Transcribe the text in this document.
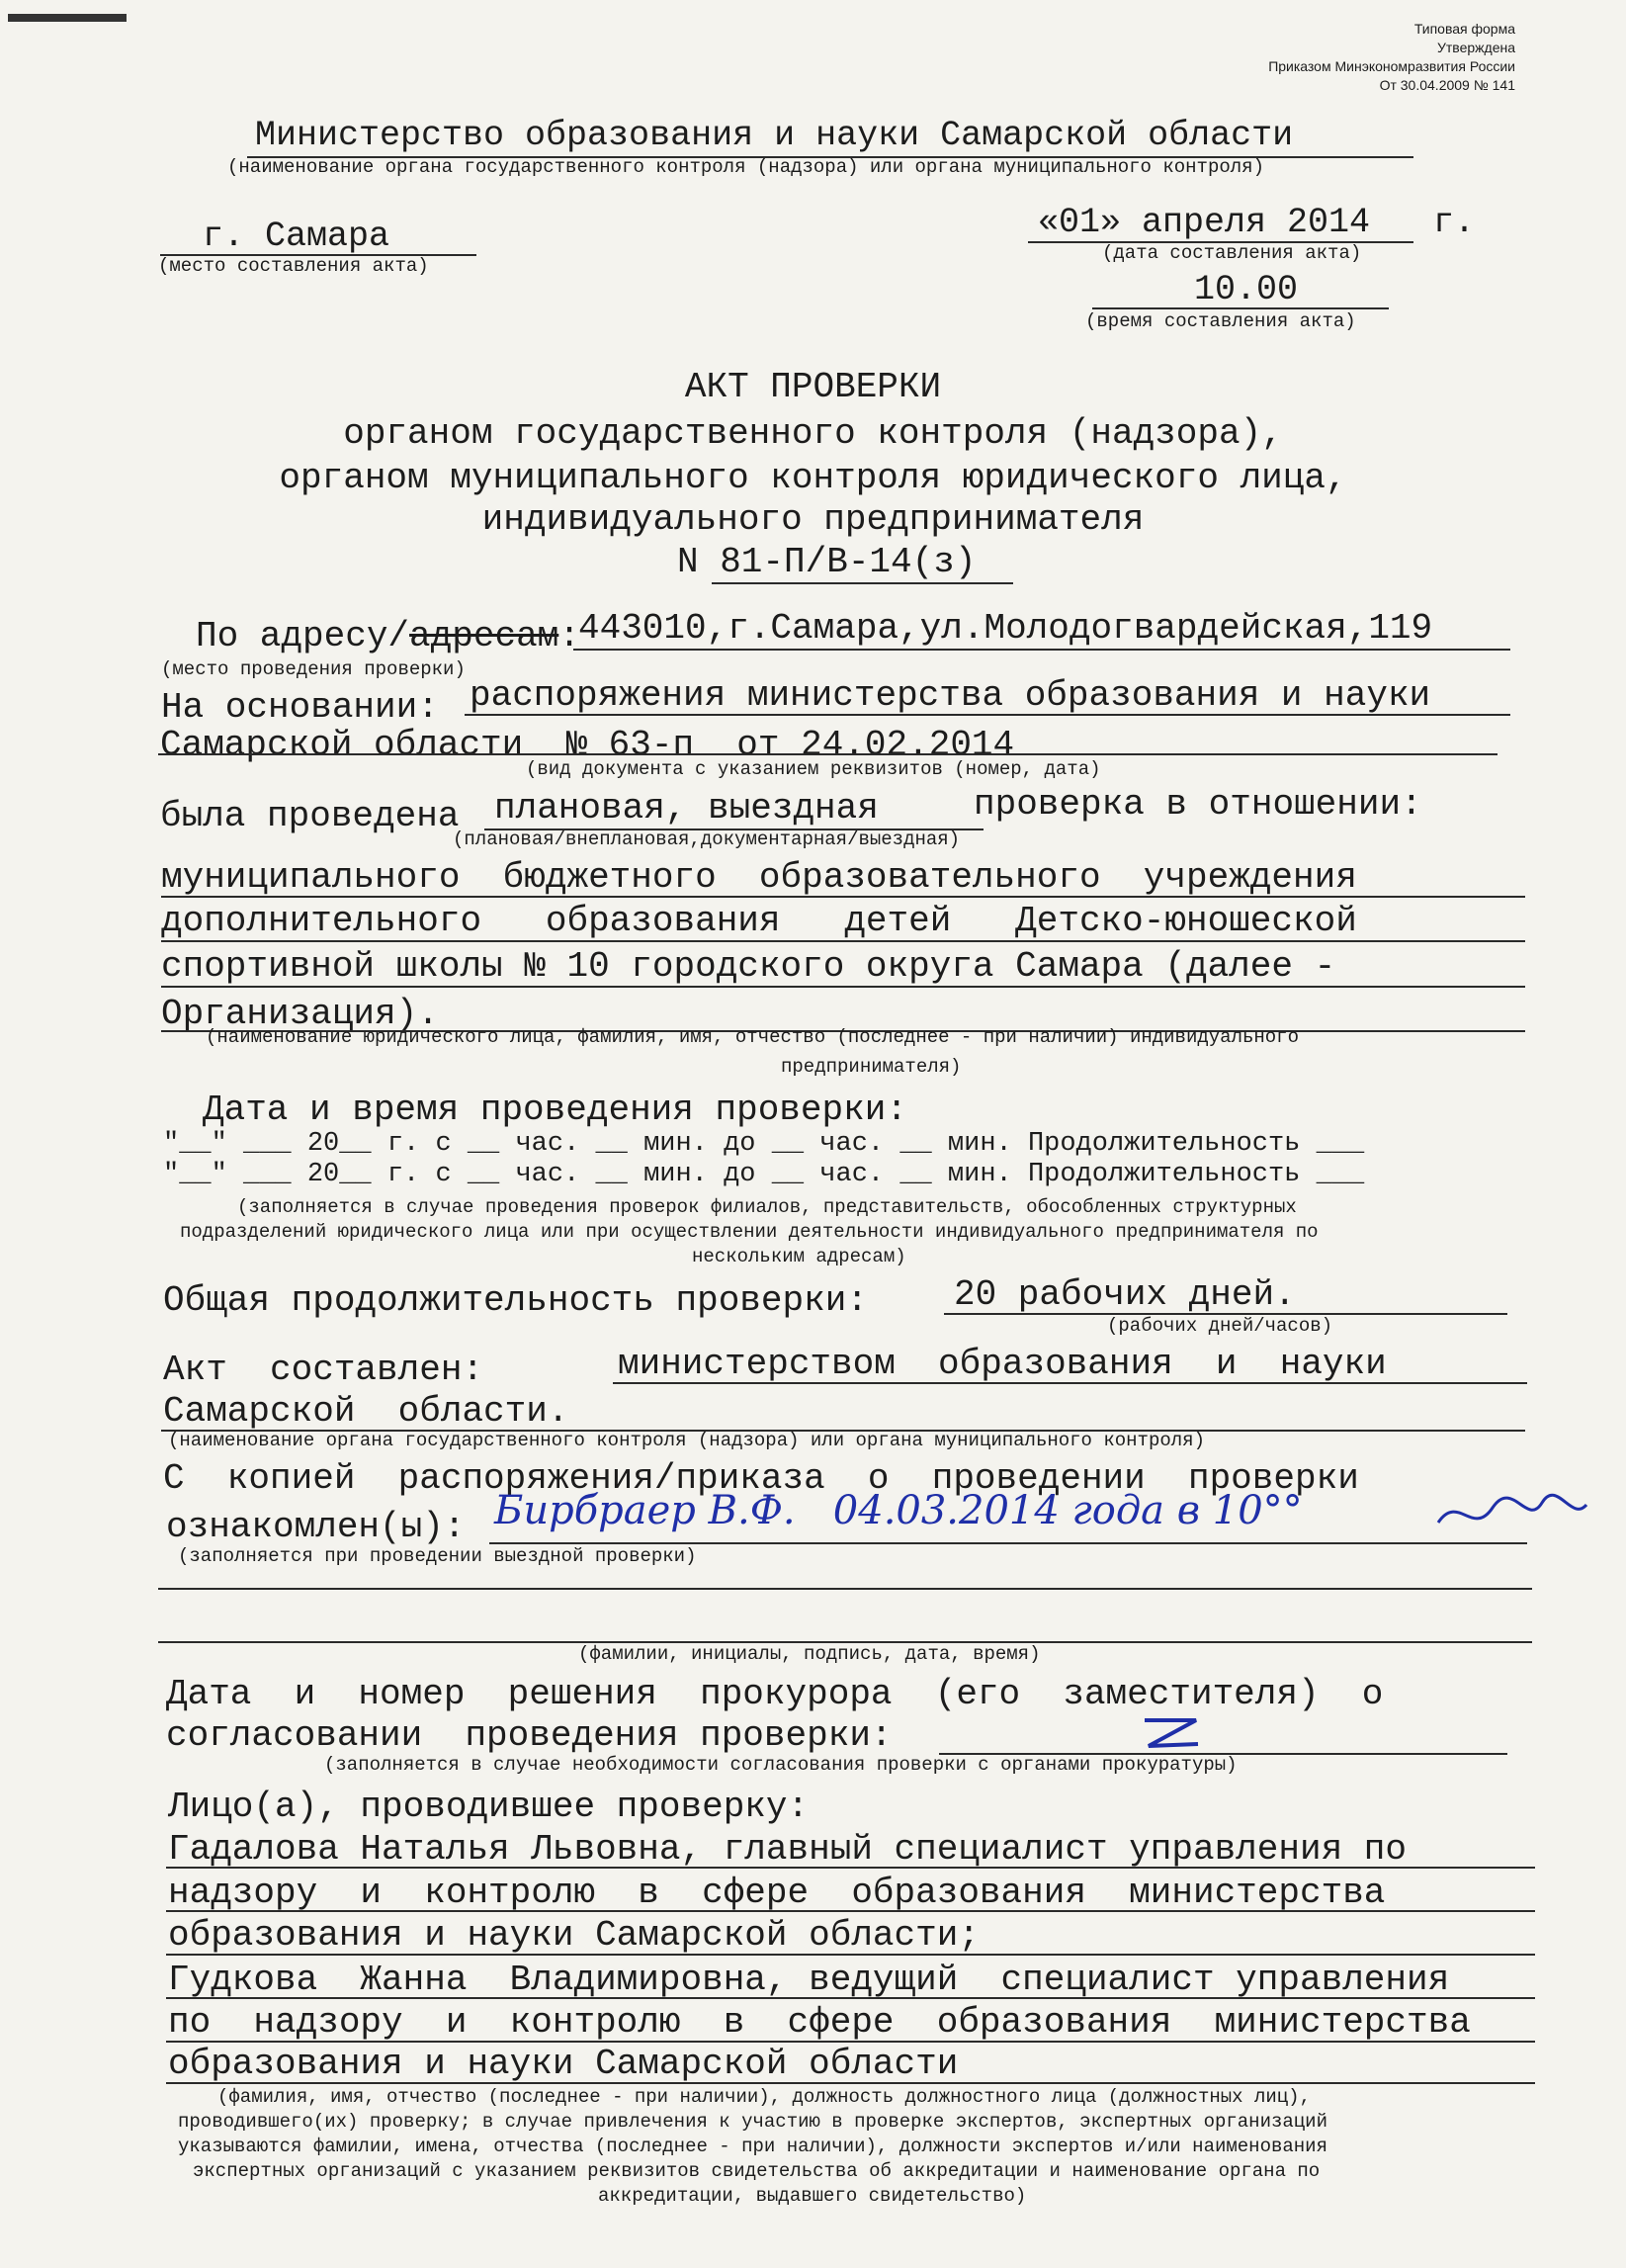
Типовая форма
Утверждена
Приказом Минэкономразвития России
От 30.04.2009 № 141
Министерство образования и науки Самарской области
(наименование органа государственного контроля (надзора) или органа муниципального контроля)
г. Самара
(место составления акта)
«01» апреля 2014 г.
(дата составления акта)
10.00
(время составления акта)
АКТ ПРОВЕРКИ
органом государственного контроля (надзора),
органом муниципального контроля юридического лица,
индивидуального предпринимателя
N 81-П/В-14(з)
По адресу/адресам:
443010,г.Самара,ул.Молодогвардейская,119
(место проведения проверки)
На основании: распоряжения министерства образования и науки
Самарской области  № 63-п  от 24.02.2014
(вид документа с указанием реквизитов (номер, дата)
была проведена плановая, выездная	проверка в отношении:
(плановая/внеплановая,документарная/выездная)
муниципального  бюджетного  образовательного  учреждения
дополнительного   образования   детей   Детско-юношеской
спортивной школы № 10 городского округа Самара (далее -
Организация).
(наименование юридического лица, фамилия, имя, отчество (последнее - при наличии) индивидуального
предпринимателя)
Дата и время проведения проверки:
"__" ___ 20__ г. с __ час. __ мин. до __ час. __ мин. Продолжительность ___
"__" ___ 20__ г. с __ час. __ мин. до __ час. __ мин. Продолжительность ___
(заполняется в случае проведения проверок филиалов, представительств, обособленных структурных
подразделений юридического лица или при осуществлении деятельности индивидуального предпринимателя по
нескольким адресам)
Общая продолжительность проверки: 20 рабочих дней.
(рабочих дней/часов)
Акт  составлен:	министерством  образования  и  науки
Самарской  области.
(наименование органа государственного контроля (надзора) или органа муниципального контроля)
С  копией  распоряжения/приказа  о  проведении  проверки
ознакомлен(ы): Бирбраер В.Ф.   04.03.2014 года в 10°°
(заполняется при проведении выездной проверки)
(фамилии, инициалы, подпись, дата, время)
Дата  и  номер  решения  прокурора  (его  заместителя)  о
согласовании  проведения проверки:
(заполняется в случае необходимости согласования проверки с органами прокуратуры)
Лицо(а), проводившее проверку:
Гадалова Наталья Львовна, главный специалист управления по
надзору  и  контролю  в  сфере  образования  министерства
образования и науки Самарской области;
Гудкова  Жанна  Владимировна, ведущий  специалист управления
по  надзору  и  контролю  в  сфере  образования  министерства
образования и науки Самарской области
(фамилия, имя, отчество (последнее - при наличии), должность должностного лица (должностных лиц),
проводившего(их) проверку; в случае привлечения к участию в проверке экспертов, экспертных организаций
указываются фамилии, имена, отчества (последнее - при наличии), должности экспертов и/или наименования
экспертных организаций с указанием реквизитов свидетельства об аккредитации и наименование органа по
аккредитации, выдавшего свидетельство)
